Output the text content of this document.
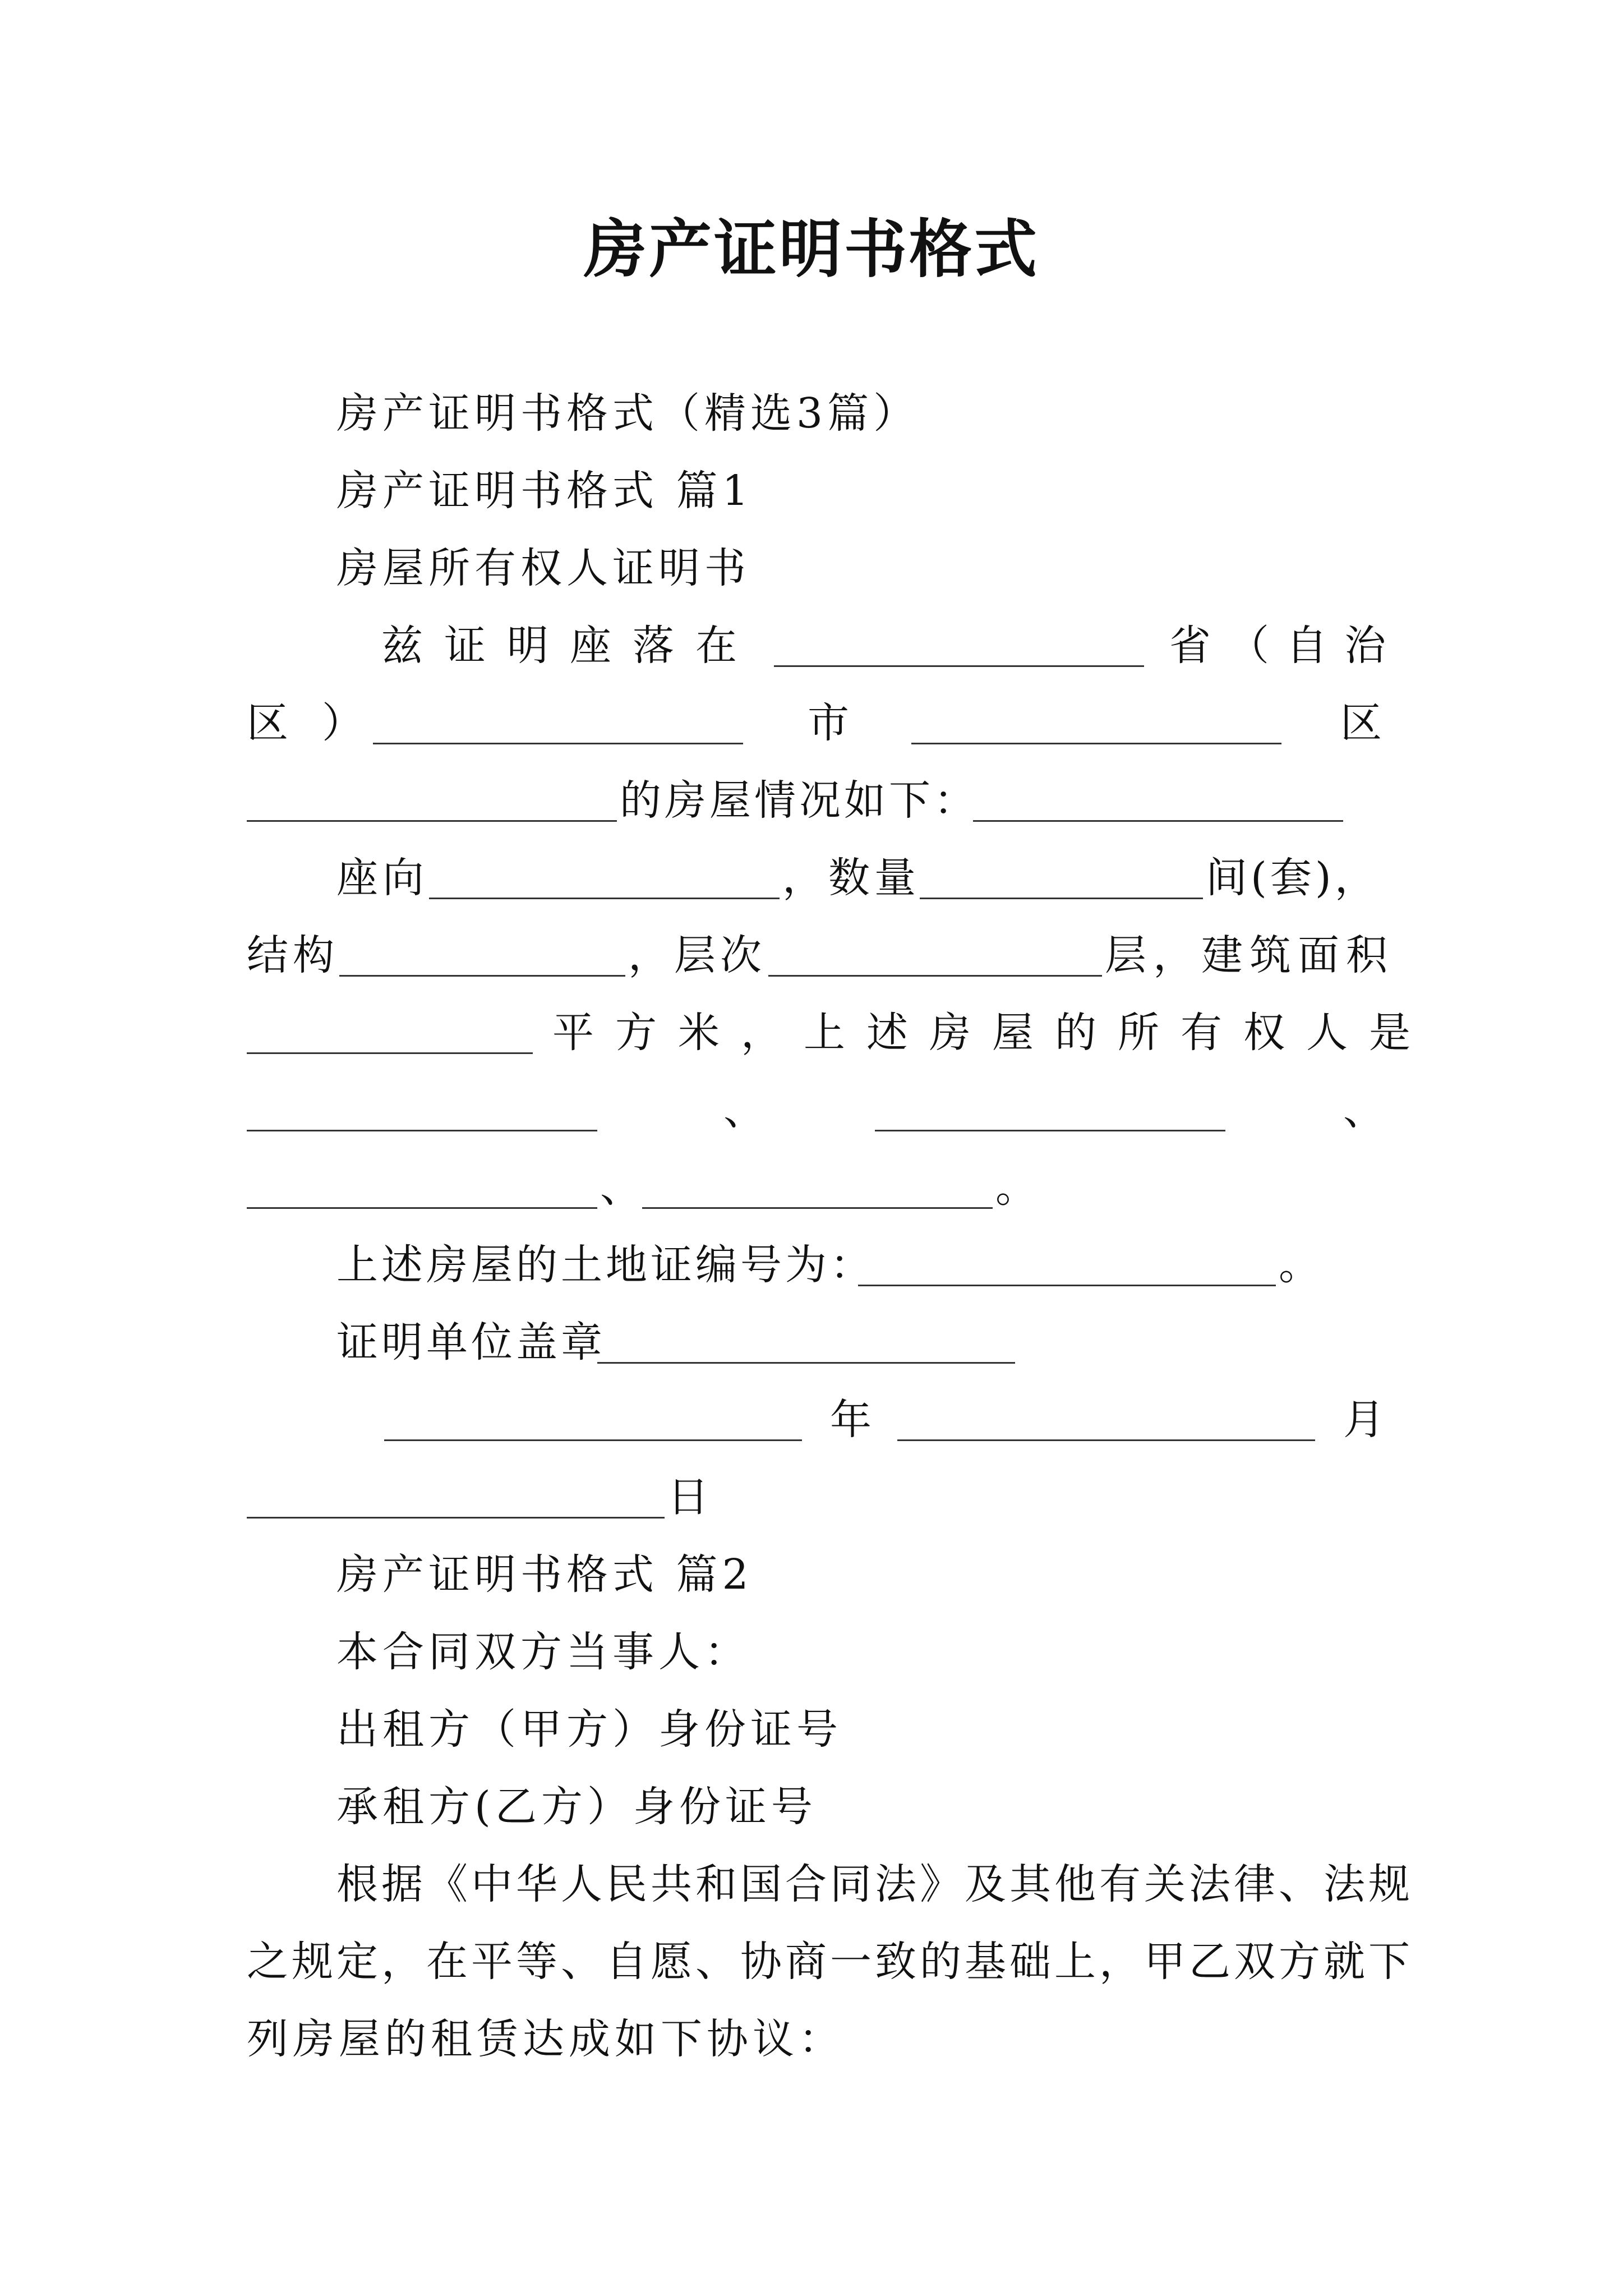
房产证明书格式
房产证明书格式（精选3篇）
房产证明书格式 篇1
房屋所有权人证明书
兹证明座落在	省（自治
区）	市	区
的房屋情况如下：
座向	，数量	间(套)，
结构	，层次	层，建筑面积
平方米，上述房屋的所有权人是
、	、
、	。
上述房屋的土地证编号为：	。
证明单位盖章
年	月
日
房产证明书格式 篇2
本合同双方当事人：
出租方（甲方）身份证号
承租方(乙方）身份证号
根据《中华人民共和国合同法》及其他有关法律、法规
之规定，在平等、自愿、协商一致的基础上，甲乙双方就下
列房屋的租赁达成如下协议：
